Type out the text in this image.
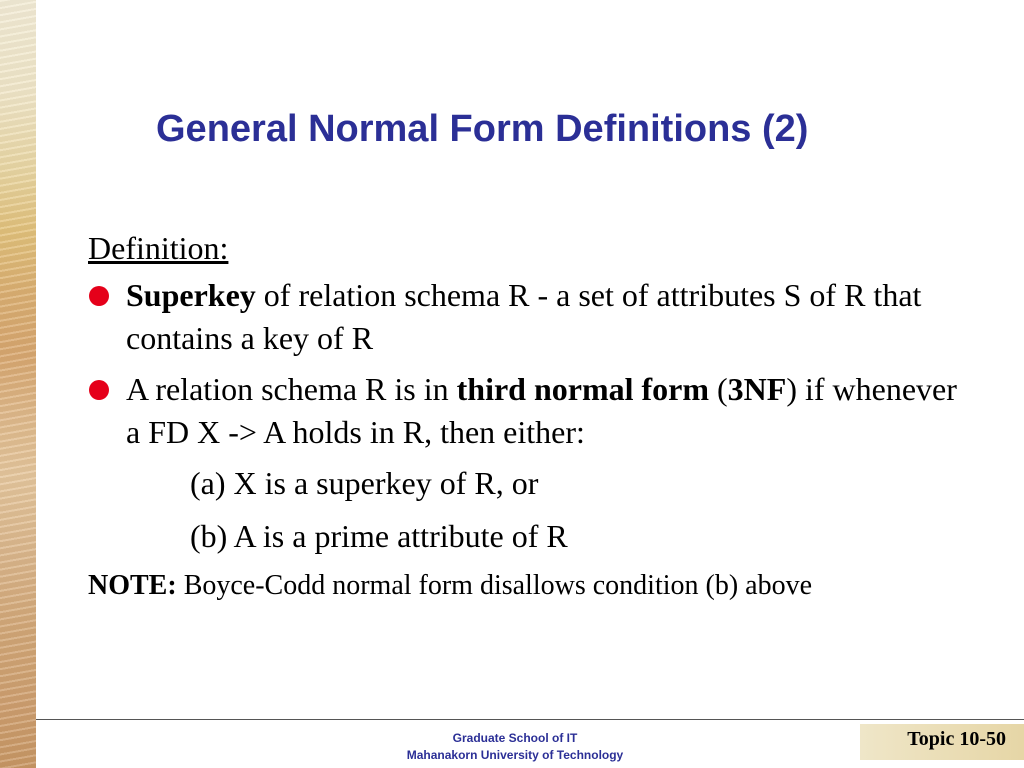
General Normal Form Definitions (2)

Definition:

Superkey of relation schema R - a set of attributes S of R that contains a key of R
A relation schema R is in third normal form (3NF) if whenever a FD X -> A holds in R, then either:
(a) X is a superkey of R, or
(b) A is a prime attribute of R
NOTE: Boyce-Codd normal form disallows condition (b) above
Graduate School of IT
Mahanakorn University of Technology
Topic 10-50
